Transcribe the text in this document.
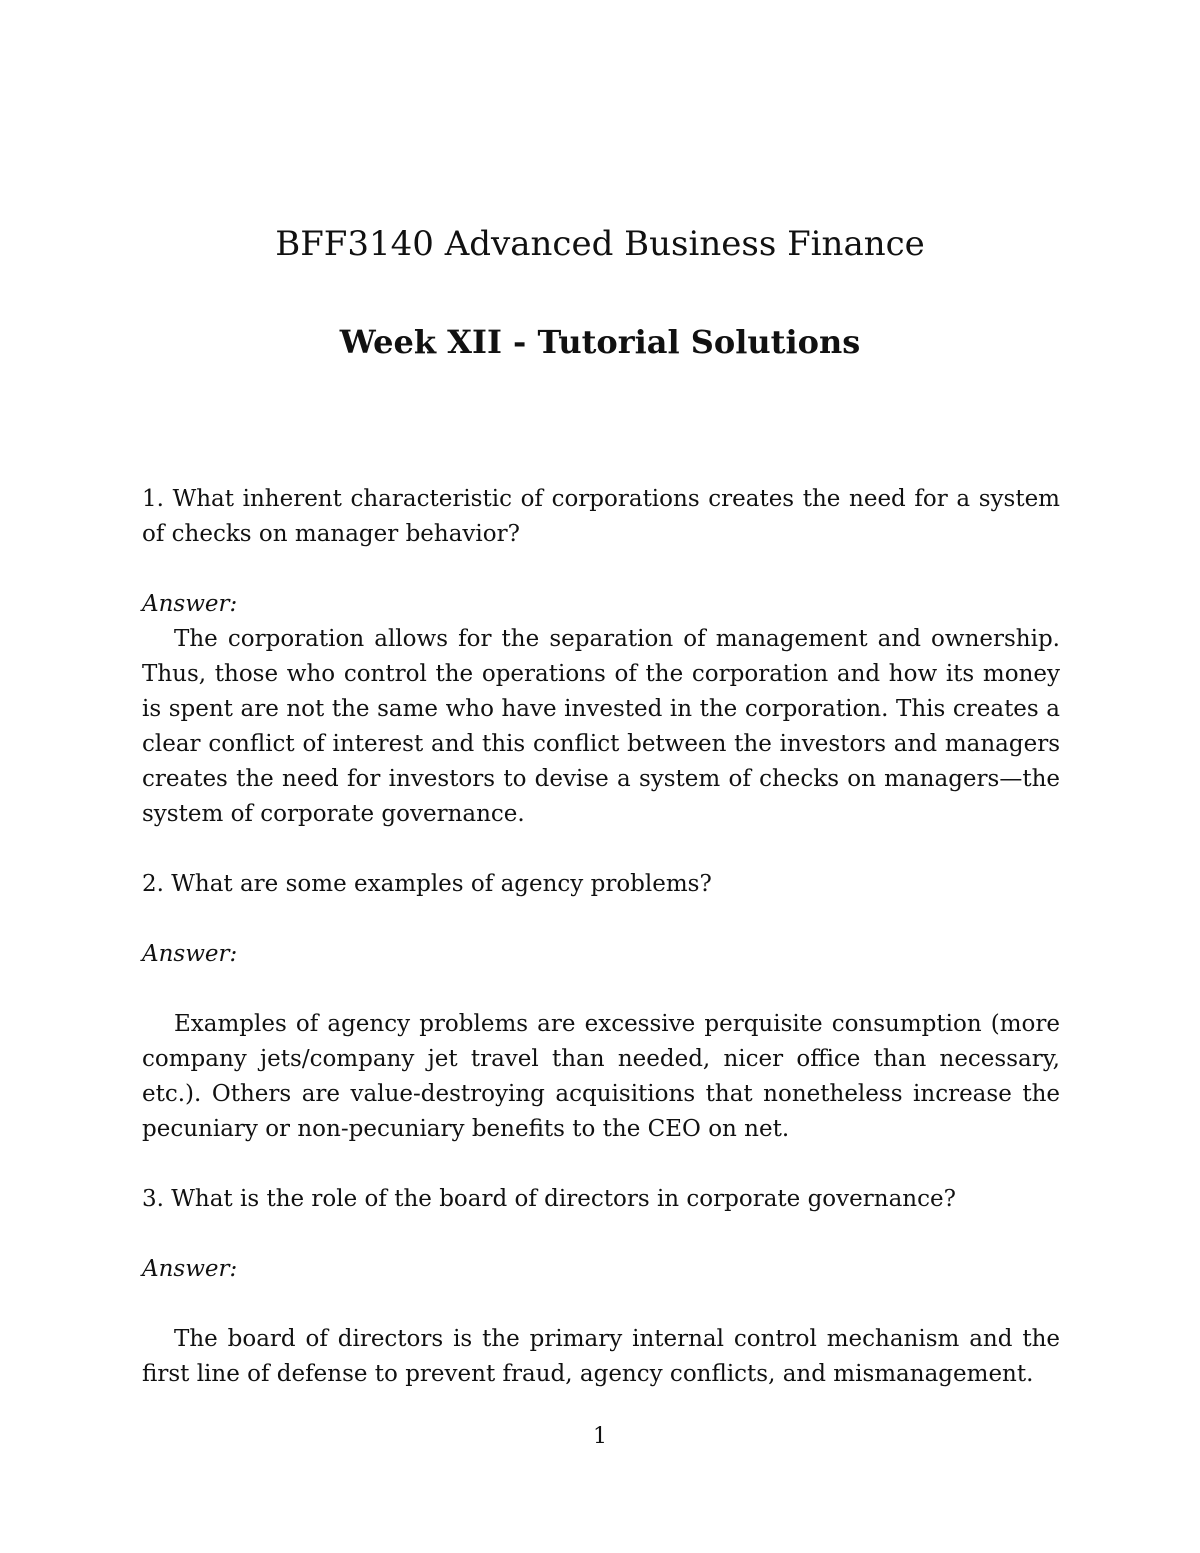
BFF3140 Advanced Business Finance
Week XII - Tutorial Solutions

1. What inherent characteristic of corporations creates the need for a system of checks on manager behavior?

Answer:

The corporation allows for the separation of management and ownership. Thus, those who control the operations of the corporation and how its money is spent are not the same who have invested in the corporation. This creates a clear conflict of interest and this conflict between the investors and managers creates the need for investors to devise a system of checks on managers—the system of corporate governance.

2. What are some examples of agency problems?

Answer:

Examples of agency problems are excessive perquisite consumption (more company jets/company jet travel than needed, nicer office than necessary, etc.). Others are value-destroying acquisitions that nonetheless increase the pecuniary or non-pecuniary benefits to the CEO on net.

3. What is the role of the board of directors in corporate governance?

Answer:

The board of directors is the primary internal control mechanism and the first line of defense to prevent fraud, agency conflicts, and mismanagement.

1
